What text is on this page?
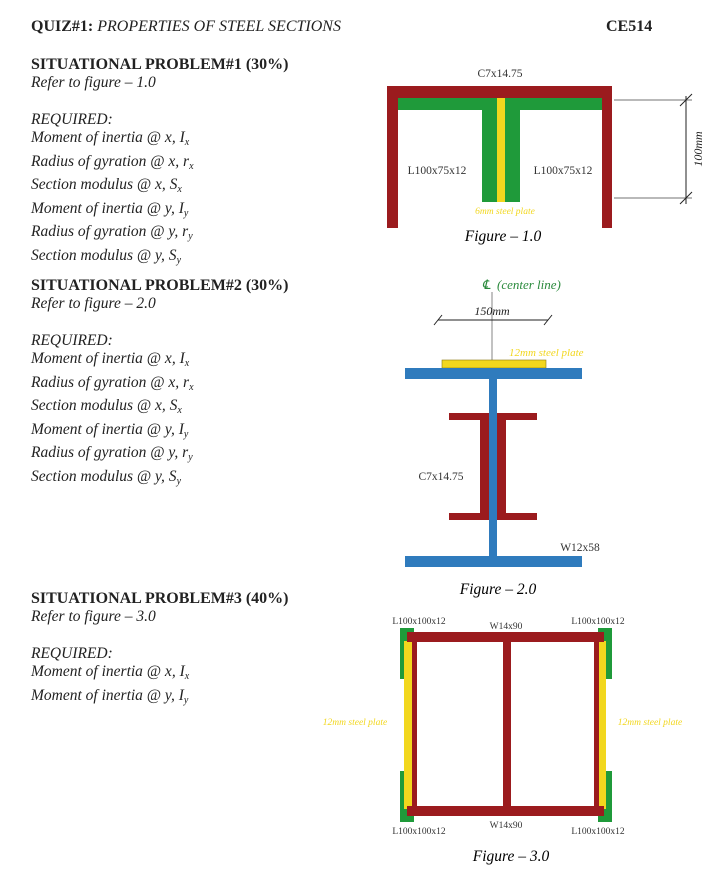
QUIZ#1: PROPERTIES OF STEEL SECTIONS	CE514
SITUATIONAL PROBLEM#1 (30%)
Refer to figure – 1.0
REQUIRED:
Moment of inertia @ x, $I_x$
Radius of gyration @ x, $r_x$
Section modulus @ x, $S_x$
Moment of inertia @ y, $I_y$
Radius of gyration @ y, $r_y$
Section modulus @ y, $S_y$
SITUATIONAL PROBLEM#2 (30%)
Refer to figure – 2.0
REQUIRED:
Moment of inertia @ x, $I_x$
Radius of gyration @ x, $r_x$
Section modulus @ x, $S_x$
Moment of inertia @ y, $I_y$
Radius of gyration @ y, $r_y$
Section modulus @ y, $S_y$
SITUATIONAL PROBLEM#3 (40%)
Refer to figure – 3.0
REQUIRED:
Moment of inertia @ x, $I_x$
Moment of inertia @ y, $I_y$
C7x14.75
L100x75x12	L100x75x12
6mm steel plate
100mm
Figure – 1.0
℄ (center line)
150mm
12mm steel plate
C7x14.75
W12x58
Figure – 2.0
L100x100x12	L100x100x12
W14x90
12mm steel plate	12mm steel plate
W14x90
L100x100x12	L100x100x12
Figure – 3.0
